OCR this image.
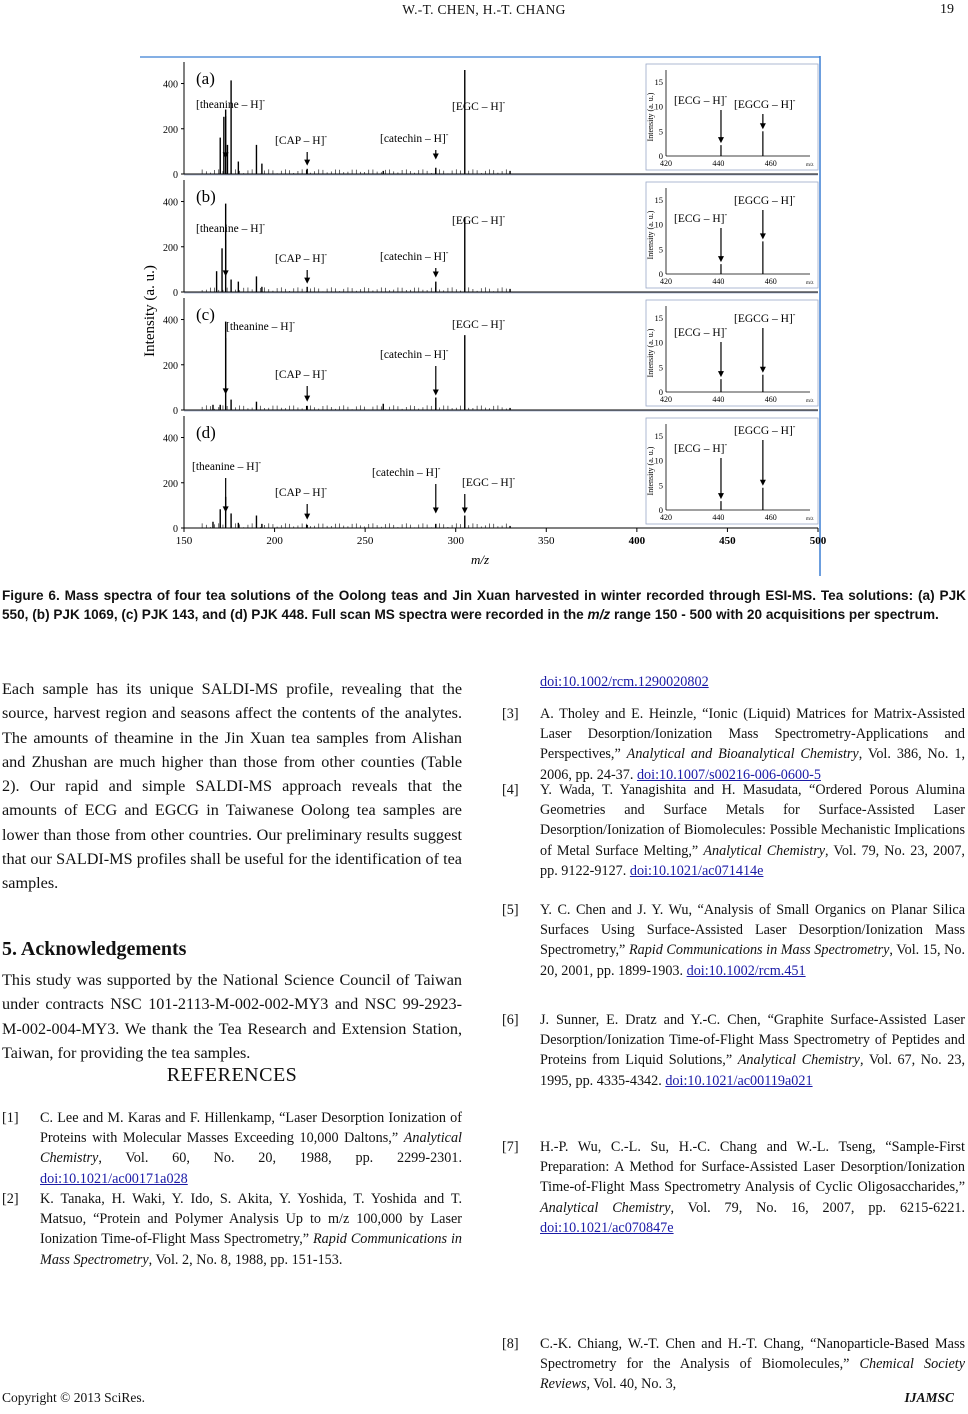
W.-T. CHEN, H.-T. CHANG	19
0
200
400 (a)
[theanine – H]-
[CAP – H]-	[catechin – H]-
[EGC – H]-
0
5
10
15
420	440	460	m/z
Intensity (a. u.) [ECG – H]-
[EGCG – H]-
0
200
400 (b)
[theanine – H]-
[CAP – H]-	[catechin – H]-
[EGC – H]-
0
5
10
15
420	440	460	m/z
Intensity (a. u.) [ECG – H]-
[EGCG – H]-
0
200
400 (c)
[theanine – H]-
[CAP – H]-
[catechin – H]-
[EGC – H]-
0
5
10
15
420	440	460	m/z
Intensity (a. u.) [ECG – H]-
[EGCG – H]-
0
200
400 (d)
[theanine – H]-
[CAP – H]-
[catechin – H]-
[EGC – H]-
0
5
10
15
420	440	460	m/z
Intensity (a. u.) [ECG – H]-
[EGCG – H]-
150	200	250	300	350	400	450	500
Intensity (a. u.)
m/z
Figure 6. Mass spectra of four tea solutions of the Oolong teas and Jin Xuan harvested in winter recorded through ESI-MS. Tea solutions: (a) PJK 550, (b) PJK 1069, (c) PJK 143, and (d) PJK 448. Full scan MS spectra were recorded in the m/z range 150 - 500 with 20 acquisitions per spectrum.
Each sample has its unique SALDI-MS profile, revealing that the source, harvest region and seasons affect the contents of the analytes. The amounts of theamine in the Jin Xuan tea samples from Alishan and Zhushan are much higher than those from other counties (Table 2). Our rapid and simple SALDI-MS approach reveals that the amounts of ECG and EGCG in Taiwanese Oolong tea samples are lower than those from other countries. Our preliminary results suggest that our SALDI-MS profiles shall be useful for the identification of tea samples.
5. Acknowledgements
This study was supported by the National Science Council of Taiwan under contracts NSC 101-2113-M-002-002-MY3 and NSC 99-2923-M-002-004-MY3. We thank the Tea Research and Extension Station, Taiwan, for providing the tea samples.
REFERENCES
doi:10.1002/rcm.1290020802
[1] C. Lee and M. Karas and F. Hillenkamp, “Laser Desorption Ionization of Proteins with Molecular Masses Exceeding 10,000 Daltons,” Analytical Chemistry, Vol. 60, No. 20, 1988, pp. 2299-2301. doi:10.1021/ac00171a028
[2] K. Tanaka, H. Waki, Y. Ido, S. Akita, Y. Yoshida, T. Yoshida and T. Matsuo, “Protein and Polymer Analysis Up to m/z 100,000 by Laser Ionization Time-of-Flight Mass Spectrometry,” Rapid Communications in Mass Spectrometry, Vol. 2, No. 8, 1988, pp. 151-153.
[3] A. Tholey and E. Heinzle, “Ionic (Liquid) Matrices for Matrix-Assisted Laser Desorption/Ionization Mass Spectrometry-Applications and Perspectives,” Analytical and Bioanalytical Chemistry, Vol. 386, No. 1, 2006, pp. 24-37. doi:10.1007/s00216-006-0600-5
[4] Y. Wada, T. Yanagishita and H. Masudata, “Ordered Porous Alumina Geometries and Surface Metals for Surface-Assisted Laser Desorption/Ionization of Biomolecules: Possible Mechanistic Implications of Metal Surface Melting,” Analytical Chemistry, Vol. 79, No. 23, 2007, pp. 9122-9127. doi:10.1021/ac071414e
[5] Y. C. Chen and J. Y. Wu, “Analysis of Small Organics on Planar Silica Surfaces Using Surface-Assisted Laser Desorption/Ionization Mass Spectrometry,” Rapid Communications in Mass Spectrometry, Vol. 15, No. 20, 2001, pp. 1899-1903. doi:10.1002/rcm.451
[6] J. Sunner, E. Dratz and Y.-C. Chen, “Graphite Surface-Assisted Laser Desorption/Ionization Time-of-Flight Mass Spectrometry of Peptides and Proteins from Liquid Solutions,” Analytical Chemistry, Vol. 67, No. 23, 1995, pp. 4335-4342. doi:10.1021/ac00119a021
[7] H.-P. Wu, C.-L. Su, H.-C. Chang and W.-L. Tseng, “Sample-First Preparation: A Method for Surface-Assisted Laser Desorption/Ionization Time-of-Flight Mass Spectrometry Analysis of Cyclic Oligosaccharides,” Analytical Chemistry, Vol. 79, No. 16, 2007, pp. 6215-6221. doi:10.1021/ac070847e
[8] C.-K. Chiang, W.-T. Chen and H.-T. Chang, “Nanoparticle-Based Mass Spectrometry for the Analysis of Biomolecules,” Chemical Society Reviews, Vol. 40, No. 3,
Copyright © 2013 SciRes.	IJAMSC
